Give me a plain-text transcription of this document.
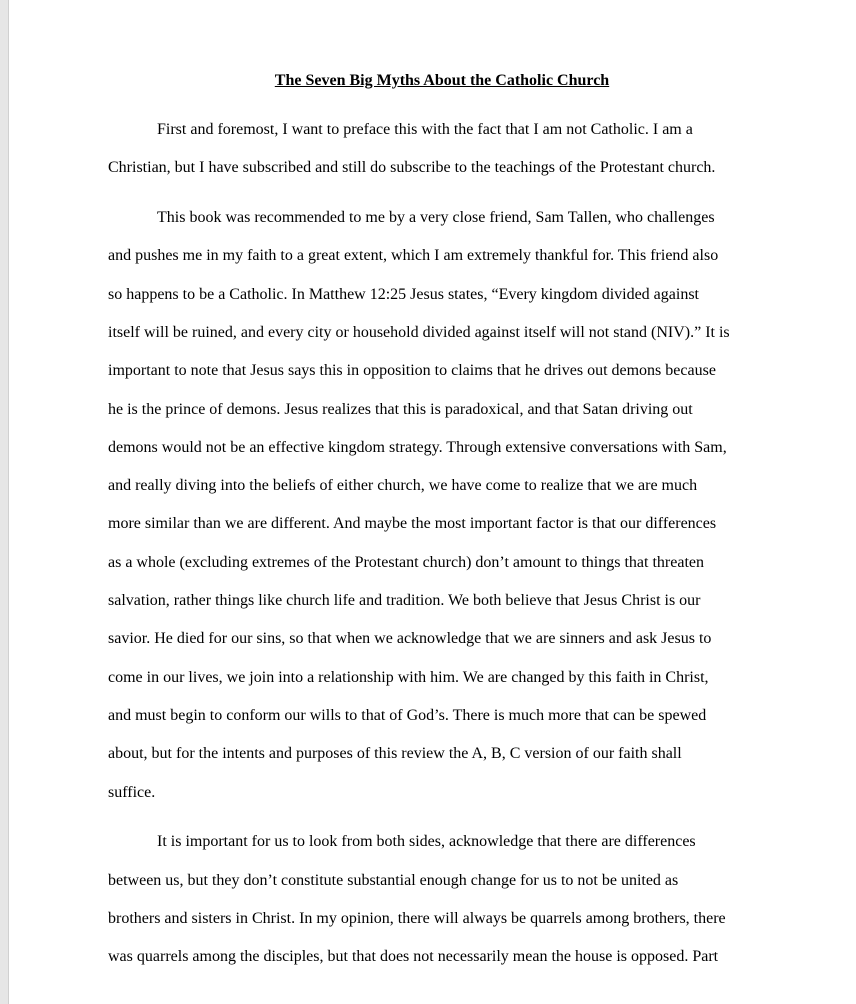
The Seven Big Myths About the Catholic Church

First and foremost, I want to preface this with the fact that I am not Catholic. I am a
Christian, but I have subscribed and still do subscribe to the teachings of the Protestant church.

This book was recommended to me by a very close friend, Sam Tallen, who challenges
and pushes me in my faith to a great extent, which I am extremely thankful for. This friend also
so happens to be a Catholic. In Matthew 12:25 Jesus states, “Every kingdom divided against
itself will be ruined, and every city or household divided against itself will not stand (NIV).” It is
important to note that Jesus says this in opposition to claims that he drives out demons because
he is the prince of demons. Jesus realizes that this is paradoxical, and that Satan driving out
demons would not be an effective kingdom strategy. Through extensive conversations with Sam,
and really diving into the beliefs of either church, we have come to realize that we are much
more similar than we are different. And maybe the most important factor is that our differences
as a whole (excluding extremes of the Protestant church) don’t amount to things that threaten
salvation, rather things like church life and tradition. We both believe that Jesus Christ is our
savior. He died for our sins, so that when we acknowledge that we are sinners and ask Jesus to
come in our lives, we join into a relationship with him. We are changed by this faith in Christ,
and must begin to conform our wills to that of God’s. There is much more that can be spewed
about, but for the intents and purposes of this review the A, B, C version of our faith shall
suffice.

It is important for us to look from both sides, acknowledge that there are differences
between us, but they don’t constitute substantial enough change for us to not be united as
brothers and sisters in Christ. In my opinion, there will always be quarrels among brothers, there
was quarrels among the disciples, but that does not necessarily mean the house is opposed. Part
